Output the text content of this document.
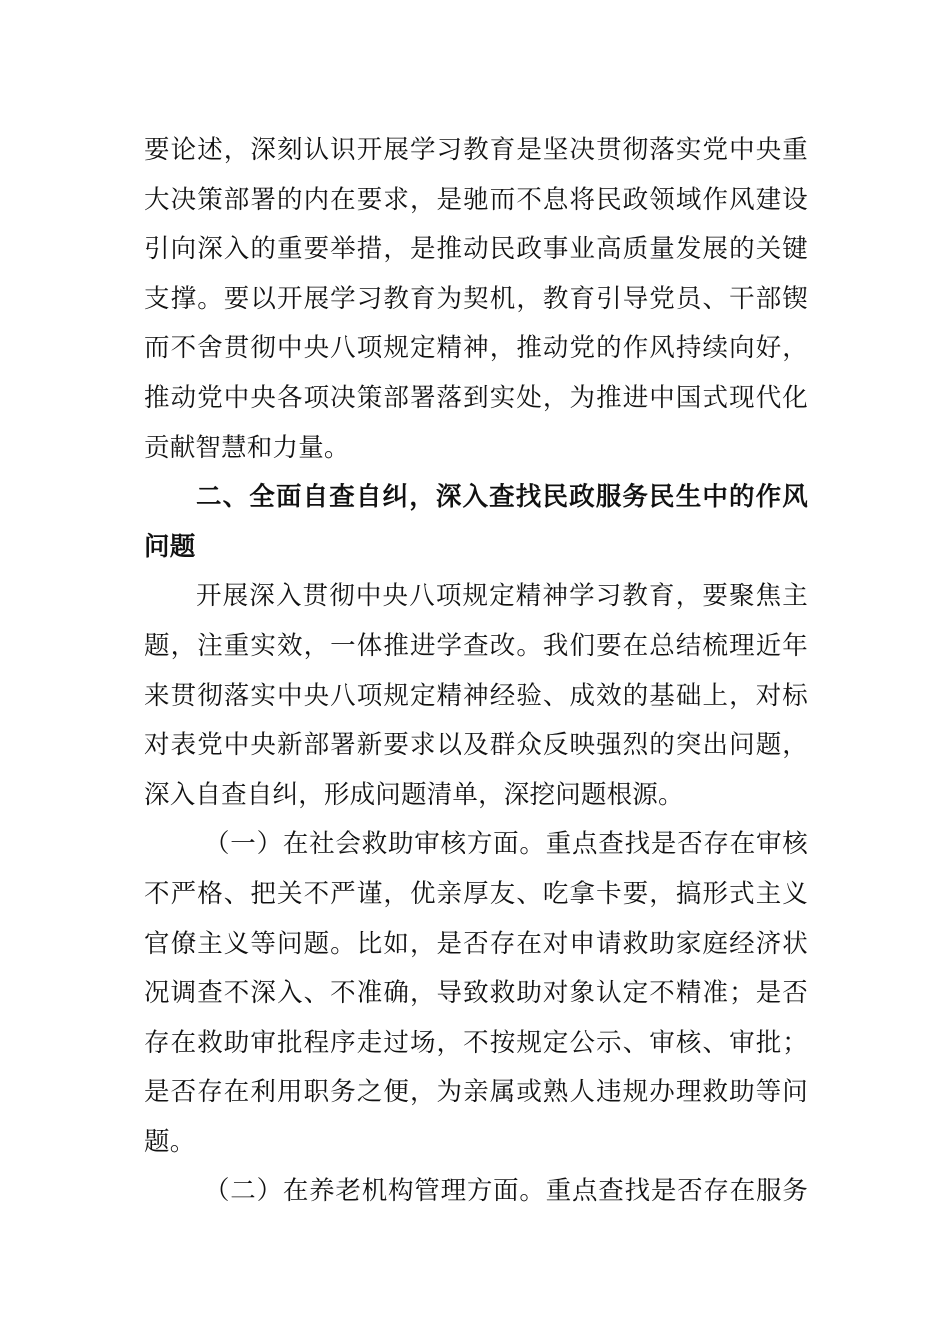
要论述，深刻认识开展学习教育是坚决贯彻落实党中央重
大决策部署的内在要求，是驰而不息将民政领域作风建设
引向深入的重要举措，是推动民政事业高质量发展的关键
支撑。要以开展学习教育为契机，教育引导党员、干部锲
而不舍贯彻中央八项规定精神，推动党的作风持续向好，
推动党中央各项决策部署落到实处，为推进中国式现代化
贡献智慧和力量。
二、全面自查自纠，深入查找民政服务民生中的作风
问题
开展深入贯彻中央八项规定精神学习教育，要聚焦主
题，注重实效，一体推进学查改。我们要在总结梳理近年
来贯彻落实中央八项规定精神经验、成效的基础上，对标
对表党中央新部署新要求以及群众反映强烈的突出问题，
深入自查自纠，形成问题清单，深挖问题根源。
（一）在社会救助审核方面。重点查找是否存在审核
不严格、把关不严谨，优亲厚友、吃拿卡要，搞形式主义
官僚主义等问题。比如，是否存在对申请救助家庭经济状
况调查不深入、不准确，导致救助对象认定不精准；是否
存在救助审批程序走过场，不按规定公示、审核、审批；
是否存在利用职务之便，为亲属或熟人违规办理救助等问
题。
（二）在养老机构管理方面。重点查找是否存在服务
